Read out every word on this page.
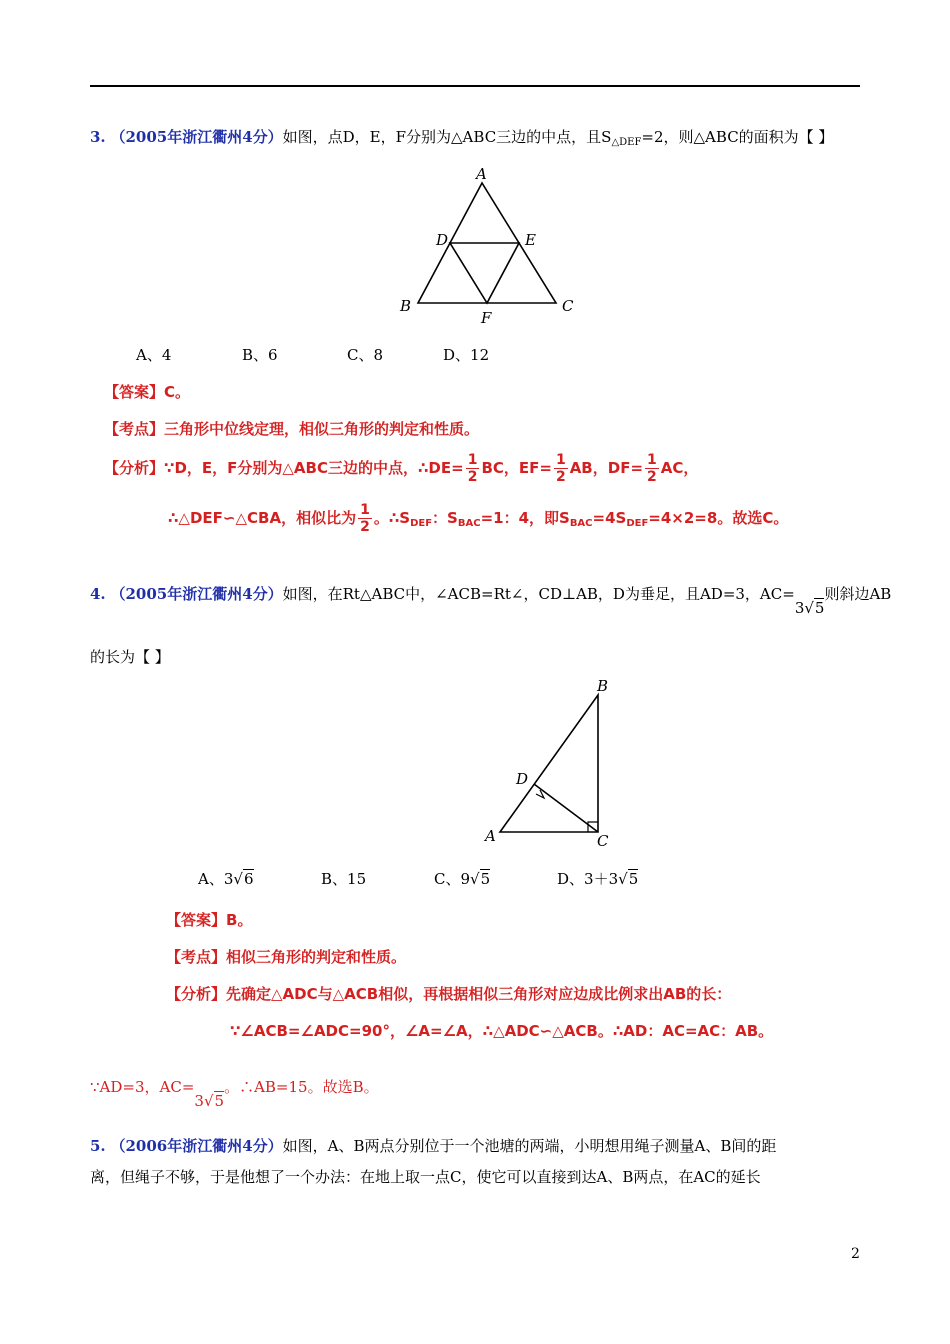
3. （2005年浙江衢州4分）如图，点D，E，F分别为△ABC三边的中点，且$S_{\triangle DEF}=2$，则△ABC的面积为【 】
A
B	C
D	E
F
A、4	B、6	C、8	D、12
【答案】C。
【考点】三角形中位线定理，相似三角形的判定和性质。
【分析】∵D，E，F分别为△ABC三边的中点，∴DE= $\frac{1}{2}$ BC，$EF= \frac{1}{2}$ AB，$DF= \frac{1}{2}$ AC，
∴△DEF∽△CBA，相似比为 $\frac{1}{2}$ 。$\therefore S_{DEF}$：$S_{BAC}=1$：4，即$S_{BAC}=4S_{DEF}=4\times 2=8$。故选C。
4. （2005年浙江衢州4分）如图，在Rt△ABC中，∠ACB=Rt∠，CD⊥AB，D为垂足，且AD=3，AC=3√5则斜边AB
的长为【 】
B
D
A	C
A、3√6	B、15	C、9√5	D、3＋3√5
【答案】B。
【考点】相似三角形的判定和性质。
【分析】先确定△ADC与△ACB相似，再根据相似三角形对应边成比例求出AB的长：
∵∠ACB=∠ADC=90°，∠A=∠A，∴△ADC∽△ACB。∴AD：AC=AC：AB。
∵AD=3，AC=3√5。∴AB=15。故选B。
5. （2006年浙江衢州4分）如图，A、B两点分别位于一个池塘的两端，小明想用绳子测量A、B间的距
离，但绳子不够，于是他想了一个办法：在地上取一点C，使它可以直接到达A、B两点，在AC的延长
2
